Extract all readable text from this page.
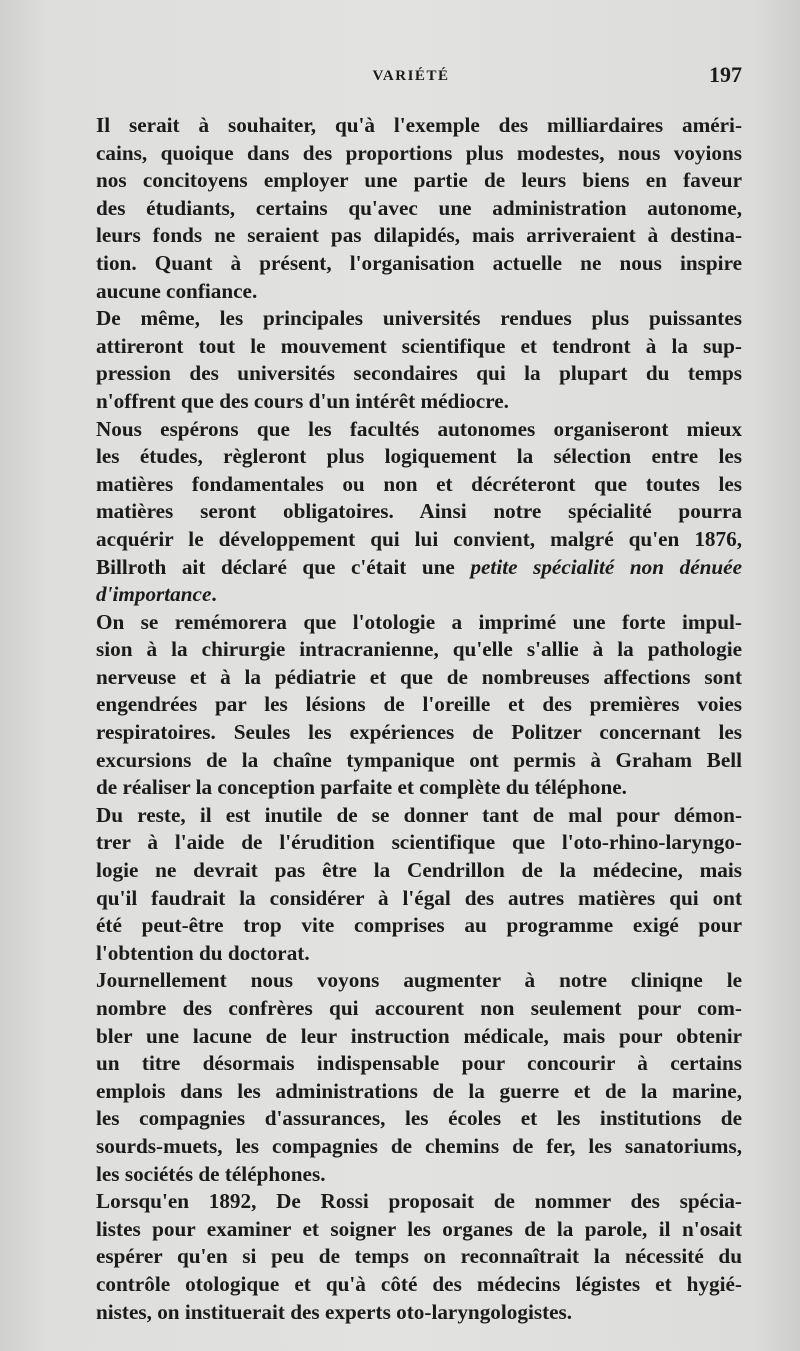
VARIÉTÉ	197

Il serait à souhaiter, qu'à l'exemple des milliardaires améri-
cains, quoique dans des proportions plus modestes, nous voyions
nos concitoyens employer une partie de leurs biens en faveur
des étudiants, certains qu'avec une administration autonome,
leurs fonds ne seraient pas dilapidés, mais arriveraient à destina-
tion. Quant à présent, l'organisation actuelle ne nous inspire
aucune confiance.

De même, les principales universités rendues plus puissantes
attireront tout le mouvement scientifique et tendront à la sup-
pression des universités secondaires qui la plupart du temps
n'offrent que des cours d'un intérêt médiocre.

Nous espérons que les facultés autonomes organiseront mieux
les études, règleront plus logiquement la sélection entre les
matières fondamentales ou non et décréteront que toutes les
matières seront obligatoires. Ainsi notre spécialité pourra
acquérir le développement qui lui convient, malgré qu'en 1876,
Billroth ait déclaré que c'était une petite spécialité non dénuée
d'importance.

On se remémorera que l'otologie a imprimé une forte impul-
sion à la chirurgie intracranienne, qu'elle s'allie à la pathologie
nerveuse et à la pédiatrie et que de nombreuses affections sont
engendrées par les lésions de l'oreille et des premières voies
respiratoires. Seules les expériences de Politzer concernant les
excursions de la chaîne tympanique ont permis à Graham Bell
de réaliser la conception parfaite et complète du téléphone.

Du reste, il est inutile de se donner tant de mal pour démon-
trer à l'aide de l'érudition scientifique que l'oto-rhino-laryngo-
logie ne devrait pas être la Cendrillon de la médecine, mais
qu'il faudrait la considérer à l'égal des autres matières qui ont
été peut-être trop vite comprises au programme exigé pour
l'obtention du doctorat.

Journellement nous voyons augmenter à notre cliniqne le
nombre des confrères qui accourent non seulement pour com-
bler une lacune de leur instruction médicale, mais pour obtenir
un titre désormais indispensable pour concourir à certains
emplois dans les administrations de la guerre et de la marine,
les compagnies d'assurances, les écoles et les institutions de
sourds-muets, les compagnies de chemins de fer, les sanatoriums,
les sociétés de téléphones.

Lorsqu'en 1892, De Rossi proposait de nommer des spécia-
listes pour examiner et soigner les organes de la parole, il n'osait
espérer qu'en si peu de temps on reconnaîtrait la nécessité du
contrôle otologique et qu'à côté des médecins légistes et hygié-
nistes, on instituerait des experts oto-laryngologistes.
